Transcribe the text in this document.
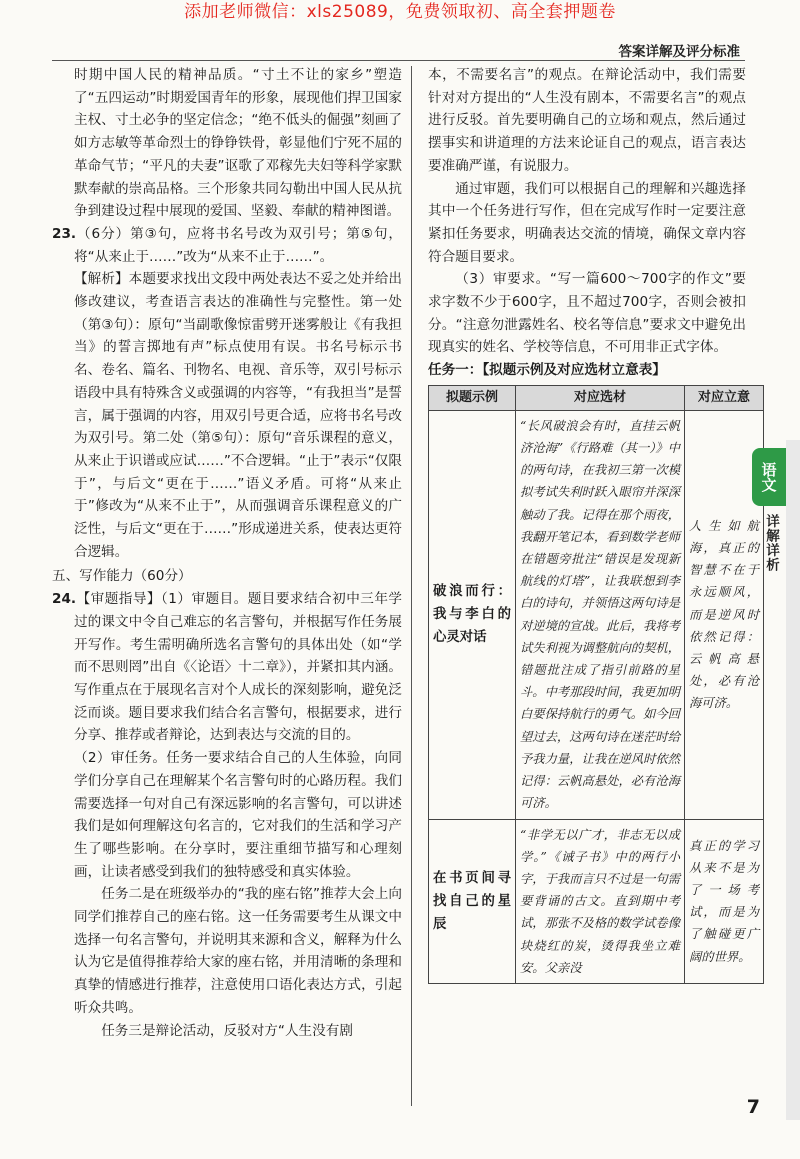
添加老师微信：xls25089，免费领取初、高全套押题卷
答案详解及评分标准

时期中国人民的精神品质。“寸土不让的家乡”塑造了“五四运动”时期爱国青年的形象，展现他们捍卫国家主权、寸土必争的坚定信念；“绝不低头的倔强”刻画了如方志敏等革命烈士的铮铮铁骨，彰显他们宁死不屈的革命气节；“平凡的夫妻”讴歌了邓稼先夫妇等科学家默默奉献的崇高品格。三个形象共同勾勒出中国人民从抗争到建设过程中展现的爱国、坚毅、奉献的精神图谱。

23.（6分）第③句，应将书名号改为双引号；第⑤句，将“从来止于……”改为“从来不止于……”。

【解析】本题要求找出文段中两处表达不妥之处并给出修改建议，考查语言表达的准确性与完整性。第一处（第③句）：原句“当副歌像惊雷劈开迷雾般让《有我担当》的誓言掷地有声”标点使用有误。书名号标示书名、卷名、篇名、刊物名、电视、音乐等，双引号标示语段中具有特殊含义或强调的内容等，“有我担当”是誓言，属于强调的内容，用双引号更合适，应将书名号改为双引号。第二处（第⑤句）：原句“音乐课程的意义，从来止于识谱或应试……”不合逻辑。“止于”表示“仅限于”，与后文“更在于……”语义矛盾。可将“从来止于”修改为“从来不止于”，从而强调音乐课程意义的广泛性，与后文“更在于……”形成递进关系，使表达更符合逻辑。

五、写作能力（60分）

24.【审题指导】（1）审题目。题目要求结合初中三年学过的课文中令自己难忘的名言警句，并根据写作任务展开写作。考生需明确所选名言警句的具体出处（如“学而不思则罔”出自《〈论语〉十二章》），并紧扣其内涵。写作重点在于展现名言对个人成长的深刻影响，避免泛泛而谈。题目要求我们结合名言警句，根据要求，进行分享、推荐或者辩论，达到表达与交流的目的。

（2）审任务。任务一要求结合自己的人生体验，向同学们分享自己在理解某个名言警句时的心路历程。我们需要选择一句对自己有深远影响的名言警句，可以讲述我们是如何理解这句名言的，它对我们的生活和学习产生了哪些影响。在分享时，要注重细节描写和心理刻画，让读者感受到我们的独特感受和真实体验。

任务二是在班级举办的“我的座右铭”推荐大会上向同学们推荐自己的座右铭。这一任务需要考生从课文中选择一句名言警句，并说明其来源和含义，解释为什么认为它是值得推荐给大家的座右铭，并用清晰的条理和真挚的情感进行推荐，注意使用口语化表达方式，引起听众共鸣。

任务三是辩论活动，反驳对方“人生没有剧

本，不需要名言”的观点。在辩论活动中，我们需要针对对方提出的“人生没有剧本，不需要名言”的观点进行反驳。首先要明确自己的立场和观点，然后通过摆事实和讲道理的方法来论证自己的观点，语言表达要准确严谨，有说服力。

通过审题，我们可以根据自己的理解和兴趣选择其中一个任务进行写作，但在完成写作时一定要注意紧扣任务要求，明确表达交流的情境，确保文章内容符合题目要求。

（3）审要求。“写一篇600～700字的作文”要求字数不少于600字，且不超过700字，否则会被扣分。“注意勿泄露姓名、校名等信息”要求文中避免出现真实的姓名、学校等信息，不可用非正式字体。

任务一：【拟题示例及对应选材立意表】

拟题示例	对应选材	对应立意
破浪而行：我与李白的心灵对话	“长风破浪会有时，直挂云帆济沧海”《行路难（其一）》中的两句诗，在我初三第一次模拟考试失利时跃入眼帘并深深触动了我。记得在那个雨夜，我翻开笔记本，看到数学老师在错题旁批注“错误是发现新航线的灯塔”，让我联想到李白的诗句，并领悟这两句诗是对逆境的宣战。此后，我将考试失利视为调整航向的契机，错题批注成了指引前路的星斗。中考那段时间，我更加明白要保持航行的勇气。如今回望过去，这两句诗在迷茫时给予我力量，让我在逆风时依然记得：云帆高悬处，必有沧海可济。	人生如航海，真正的智慧不在于永远顺风，而是逆风时依然记得：云帆高悬处，必有沧海可济。
在书页间寻找自己的星辰	“非学无以广才，非志无以成学。”《诫子书》中的两行小字，于我而言只不过是一句需要背诵的古文。直到期中考试，那张不及格的数学试卷像块烧红的炭，烫得我坐立难安。父亲没	真正的学习从来不是为了一场考试，而是为了触碰更广阔的世界。
语文
详解详析
7
